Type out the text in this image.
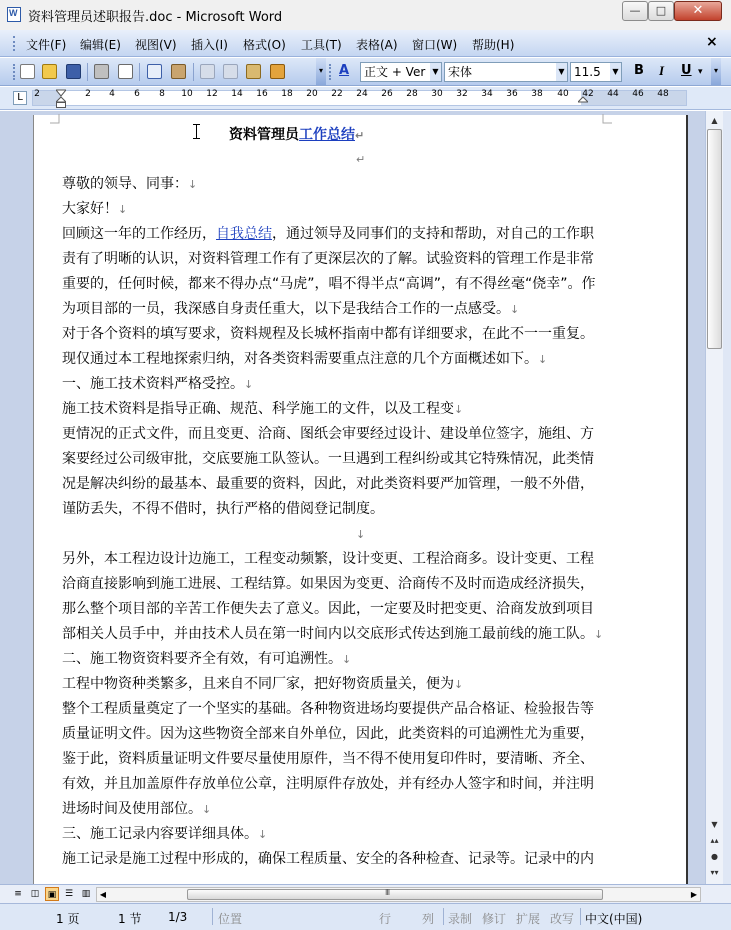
W
资料管理员述职报告.doc - Microsoft Word	—	□	✕
文件(F) 编辑(E) 视图(V) 插入(I) 格式(O) 工具(T) 表格(A) 窗口(W) 帮助(H)	×
▾ A	正文 + Ver ▼ 宋体	▼ 11.5	▼ B I U ▾	▾
L	2	2 4 6 8 10 12 14 16 18 20 22 24 26 28 30 32 34 36 38 40 42 44 46 48
资料管理员工作总结↵
↵
尊敬的领导、同事：↓
大家好！↓
回顾这一年的工作经历，自我总结，通过领导及同事们的支持和帮助，对自己的工作职
责有了明晰的认识，对资料管理工作有了更深层次的了解。试验资料的管理工作是非常
重要的，任何时候，都来不得办点“马虎”，唱不得半点“高调”，有不得丝毫“侥幸”。作
为项目部的一员，我深感自身责任重大，以下是我结合工作的一点感受。↓
对于各个资料的填写要求，资料规程及长城杯指南中都有详细要求，在此不一一重复。
现仅通过本工程地探索归纳，对各类资料需要重点注意的几个方面概述如下。↓
一、施工技术资料严格受控。↓
施工技术资料是指导正确、规范、科学施工的文件，以及工程变↓
更情况的正式文件，而且变更、洽商、图纸会审要经过设计、建设单位签字，施组、方
案要经过公司级审批，交底要施工队签认。一旦遇到工程纠纷或其它特殊情况，此类情
况是解决纠纷的最基本、最重要的资料，因此，对此类资料要严加管理，一般不外借，
谨防丢失，不得不借时，执行严格的借阅登记制度。
↓
另外，本工程边设计边施工，工程变动频繁，设计变更、工程洽商多。设计变更、工程
洽商直接影响到施工进展、工程结算。如果因为变更、洽商传不及时而造成经济损失，
那么整个项目部的辛苦工作便失去了意义。因此，一定要及时把变更、洽商发放到项目
部相关人员手中，并由技术人员在第一时间内以交底形式传达到施工最前线的施工队。↓
二、施工物资资料要齐全有效，有可追溯性。↓
工程中物资种类繁多，且来自不同厂家，把好物资质量关，便为↓
整个工程质量奠定了一个坚实的基础。各种物资进场均要提供产品合格证、检验报告等
质量证明文件。因为这些物资全部来自外单位，因此，此类资料的可追溯性尤为重要，
鉴于此，资料质量证明文件要尽量使用原件，当不得不使用复印件时，要清晰、齐全、
有效，并且加盖原件存放单位公章，注明原件存放处，并有经办人签字和时间，并注明
进场时间及使用部位。↓
三、施工记录内容要详细具体。↓
施工记录是施工过程中形成的，确保工程质量、安全的各种检查、记录等。记录中的内
▲
▼
▴▴
●
▾▾
≡ ◫ ▣ ☰ ▥	◀
III	▶
1 页	1 节 1/3	位置	行	列 录制 修订 扩展 改写 中文(中国)
